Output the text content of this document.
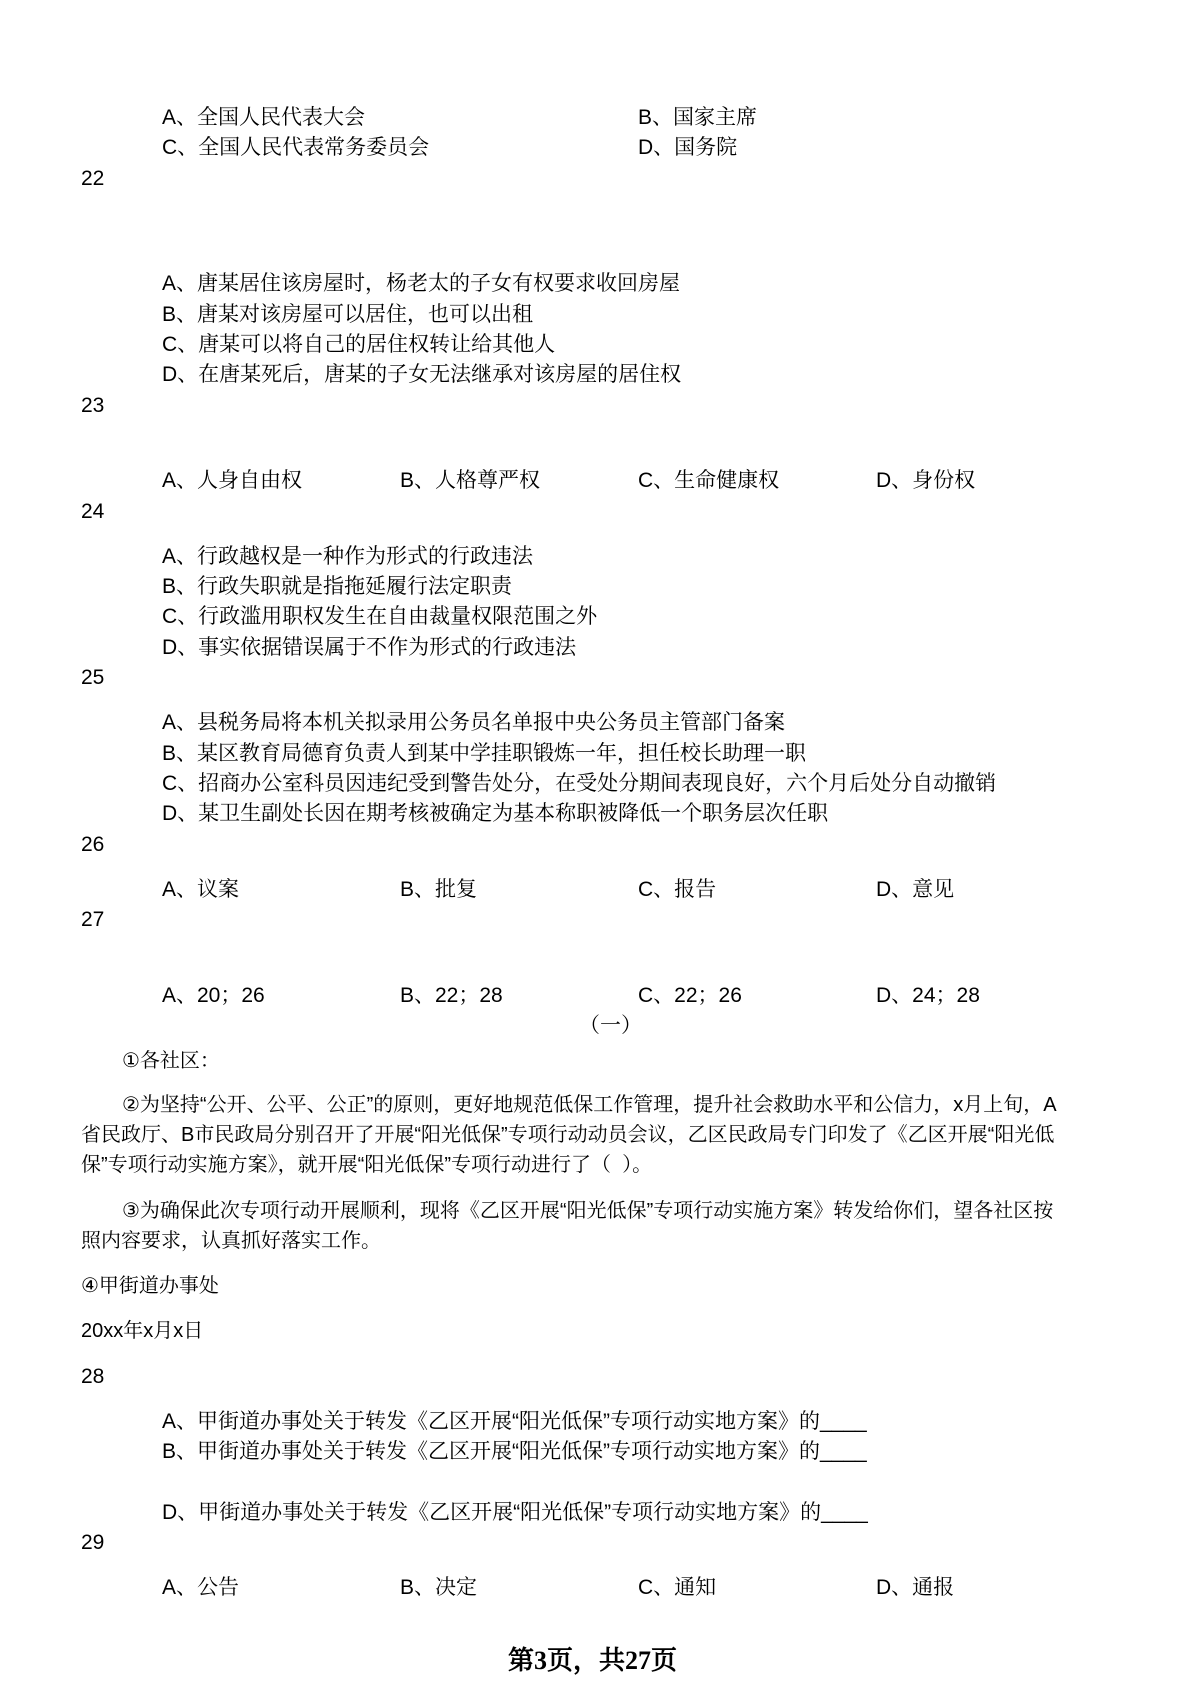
A、全国人民代表大会	B、国家主席
C、全国人民代表常务委员会	D、国务院

22

A、唐某居住该房屋时，杨老太的子女有权要求收回房屋
B、唐某对该房屋可以居住，也可以出租
C、唐某可以将自己的居住权转让给其他人
D、在唐某死后，唐某的子女无法继承对该房屋的居住权

23

A、人身自由权	B、人格尊严权	C、生命健康权	D、身份权

24

A、行政越权是一种作为形式的行政违法
B、行政失职就是指拖延履行法定职责
C、行政滥用职权发生在自由裁量权限范围之外
D、事实依据错误属于不作为形式的行政违法

25

A、县税务局将本机关拟录用公务员名单报中央公务员主管部门备案
B、某区教育局德育负责人到某中学挂职锻炼一年，担任校长助理一职
C、招商办公室科员因违纪受到警告处分，在受处分期间表现良好，六个月后处分自动撤销
D、某卫生副处长因在期考核被确定为基本称职被降低一个职务层次任职

26

A、议案	B、批复	C、报告	D、意见

27

A、20；26	B、22；28	C、22；26	D、24；28
（一）
①各社区：
②为坚持“公开、公平、公正”的原则，更好地规范低保工作管理，提升社会救助水平和公信力，x月上旬，A
省民政厅、B市民政局分别召开了开展“阳光低保”专项行动动员会议，乙区民政局专门印发了《乙区开展“阳光低
保”专项行动实施方案》，就开展“阳光低保”专项行动进行了（  ）。
③为确保此次专项行动开展顺利，现将《乙区开展“阳光低保”专项行动实施方案》转发给你们，望各社区按
照内容要求，认真抓好落实工作。
④甲街道办事处
20xx年x月x日

28

A、甲街道办事处关于转发《乙区开展“阳光低保”专项行动实地方案》的____
B、甲街道办事处关于转发《乙区开展“阳光低保”专项行动实地方案》的____

D、甲街道办事处关于转发《乙区开展“阳光低保”专项行动实地方案》的____

29

A、公告	B、决定	C、通知	D、通报
第3页，共27页
